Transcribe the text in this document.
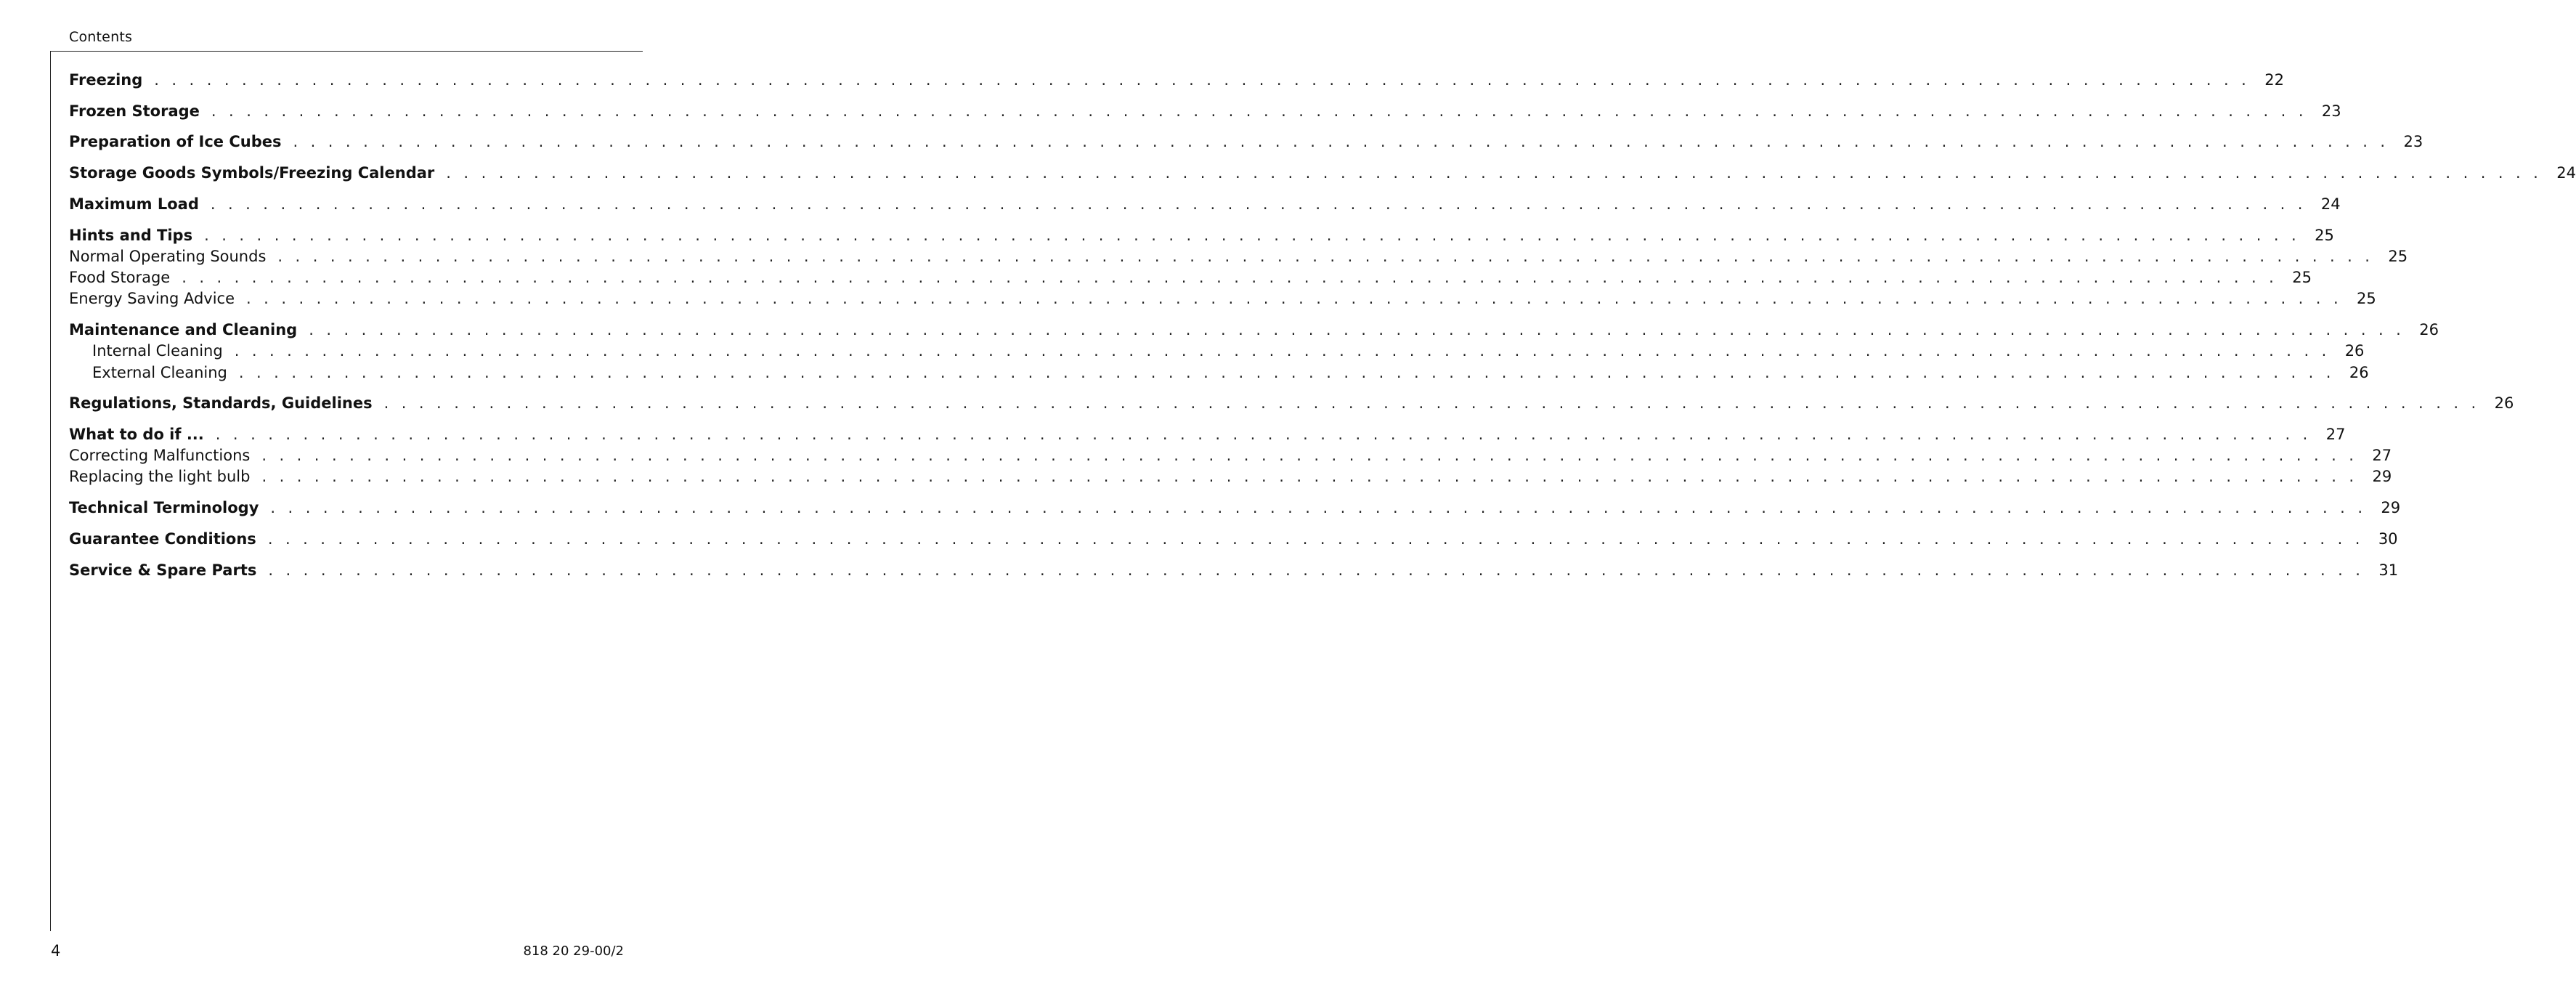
Contents
Freezing . . . . . . . . . . . . . . . . . . . . . . . . . . . . . . . . . . . . . . . . . . . . . . . . . . . . . . . . . . . . . . . . . . . . . . . . . . . . . . . . . . . . . . . . . . . . . . . . . . . . . . . . . . . . . . . . . . . . . . . . 22
Frozen Storage . . . . . . . . . . . . . . . . . . . . . . . . . . . . . . . . . . . . . . . . . . . . . . . . . . . . . . . . . . . . . . . . . . . . . . . . . . . . . . . . . . . . . . . . . . . . . . . . . . . . . . . . . . . . . . . . . . . . . . . . 23
Preparation of Ice Cubes . . . . . . . . . . . . . . . . . . . . . . . . . . . . . . . . . . . . . . . . . . . . . . . . . . . . . . . . . . . . . . . . . . . . . . . . . . . . . . . . . . . . . . . . . . . . . . . . . . . . . . . . . . . . . . . . . . . . . . . . 23
Storage Goods Symbols/Freezing Calendar . . . . . . . . . . . . . . . . . . . . . . . . . . . . . . . . . . . . . . . . . . . . . . . . . . . . . . . . . . . . . . . . . . . . . . . . . . . . . . . . . . . . . . . . . . . . . . . . . . . . . . . . . . . . . . . . . . . . . . . . 24
Maximum Load . . . . . . . . . . . . . . . . . . . . . . . . . . . . . . . . . . . . . . . . . . . . . . . . . . . . . . . . . . . . . . . . . . . . . . . . . . . . . . . . . . . . . . . . . . . . . . . . . . . . . . . . . . . . . . . . . . . . . . . . 24
Hints and Tips . . . . . . . . . . . . . . . . . . . . . . . . . . . . . . . . . . . . . . . . . . . . . . . . . . . . . . . . . . . . . . . . . . . . . . . . . . . . . . . . . . . . . . . . . . . . . . . . . . . . . . . . . . . . . . . . . . . . . . . . 25
Normal Operating Sounds . . . . . . . . . . . . . . . . . . . . . . . . . . . . . . . . . . . . . . . . . . . . . . . . . . . . . . . . . . . . . . . . . . . . . . . . . . . . . . . . . . . . . . . . . . . . . . . . . . . . . . . . . . . . . . . . . . . . . . . . 25
Food Storage . . . . . . . . . . . . . . . . . . . . . . . . . . . . . . . . . . . . . . . . . . . . . . . . . . . . . . . . . . . . . . . . . . . . . . . . . . . . . . . . . . . . . . . . . . . . . . . . . . . . . . . . . . . . . . . . . . . . . . . . 25
Energy Saving Advice . . . . . . . . . . . . . . . . . . . . . . . . . . . . . . . . . . . . . . . . . . . . . . . . . . . . . . . . . . . . . . . . . . . . . . . . . . . . . . . . . . . . . . . . . . . . . . . . . . . . . . . . . . . . . . . . . . . . . . . . 25
Maintenance and Cleaning . . . . . . . . . . . . . . . . . . . . . . . . . . . . . . . . . . . . . . . . . . . . . . . . . . . . . . . . . . . . . . . . . . . . . . . . . . . . . . . . . . . . . . . . . . . . . . . . . . . . . . . . . . . . . . . . . . . . . . . . 26
Internal Cleaning . . . . . . . . . . . . . . . . . . . . . . . . . . . . . . . . . . . . . . . . . . . . . . . . . . . . . . . . . . . . . . . . . . . . . . . . . . . . . . . . . . . . . . . . . . . . . . . . . . . . . . . . . . . . . . . . . . . . . . . . 26
External Cleaning . . . . . . . . . . . . . . . . . . . . . . . . . . . . . . . . . . . . . . . . . . . . . . . . . . . . . . . . . . . . . . . . . . . . . . . . . . . . . . . . . . . . . . . . . . . . . . . . . . . . . . . . . . . . . . . . . . . . . . . . 26
Regulations, Standards, Guidelines . . . . . . . . . . . . . . . . . . . . . . . . . . . . . . . . . . . . . . . . . . . . . . . . . . . . . . . . . . . . . . . . . . . . . . . . . . . . . . . . . . . . . . . . . . . . . . . . . . . . . . . . . . . . . . . . . . . . . . . . 26
What to do if ... . . . . . . . . . . . . . . . . . . . . . . . . . . . . . . . . . . . . . . . . . . . . . . . . . . . . . . . . . . . . . . . . . . . . . . . . . . . . . . . . . . . . . . . . . . . . . . . . . . . . . . . . . . . . . . . . . . . . . . . . 27
Correcting Malfunctions . . . . . . . . . . . . . . . . . . . . . . . . . . . . . . . . . . . . . . . . . . . . . . . . . . . . . . . . . . . . . . . . . . . . . . . . . . . . . . . . . . . . . . . . . . . . . . . . . . . . . . . . . . . . . . . . . . . . . . . . 27
Replacing the light bulb . . . . . . . . . . . . . . . . . . . . . . . . . . . . . . . . . . . . . . . . . . . . . . . . . . . . . . . . . . . . . . . . . . . . . . . . . . . . . . . . . . . . . . . . . . . . . . . . . . . . . . . . . . . . . . . . . . . . . . . . 29
Technical Terminology . . . . . . . . . . . . . . . . . . . . . . . . . . . . . . . . . . . . . . . . . . . . . . . . . . . . . . . . . . . . . . . . . . . . . . . . . . . . . . . . . . . . . . . . . . . . . . . . . . . . . . . . . . . . . . . . . . . . . . . . 29
Guarantee Conditions . . . . . . . . . . . . . . . . . . . . . . . . . . . . . . . . . . . . . . . . . . . . . . . . . . . . . . . . . . . . . . . . . . . . . . . . . . . . . . . . . . . . . . . . . . . . . . . . . . . . . . . . . . . . . . . . . . . . . . . . 30
Service & Spare Parts . . . . . . . . . . . . . . . . . . . . . . . . . . . . . . . . . . . . . . . . . . . . . . . . . . . . . . . . . . . . . . . . . . . . . . . . . . . . . . . . . . . . . . . . . . . . . . . . . . . . . . . . . . . . . . . . . . . . . . . . 31
4	818 20 29-00/2
